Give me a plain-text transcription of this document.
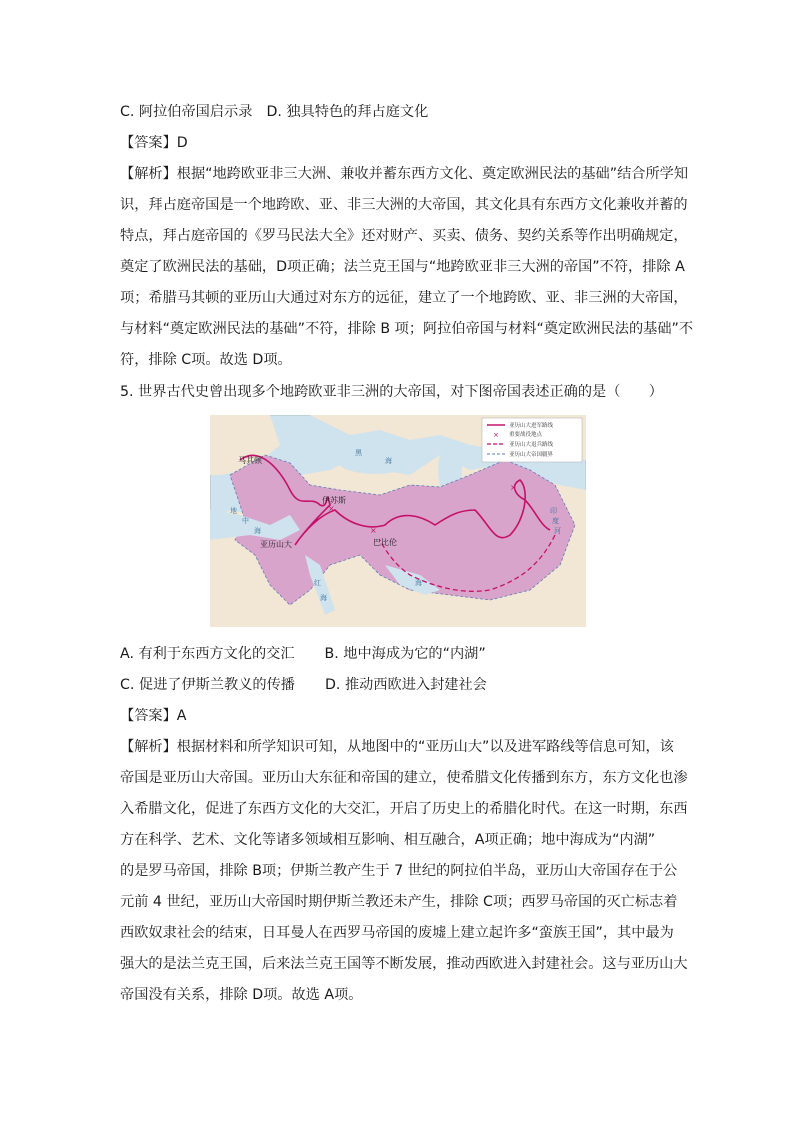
C. 阿拉伯帝国启示录 D. 独具特色的拜占庭文化
【答案】D
【解析】根据“地跨欧亚非三大洲、兼收并蓄东西方文化、奠定欧洲民法的基础”结合所学知
识，拜占庭帝国是一个地跨欧、亚、非三大洲的大帝国，其文化具有东西方文化兼收并蓄的
特点，拜占庭帝国的《罗马民法大全》还对财产、买卖、债务、契约关系等作出明确规定，
奠定了欧洲民法的基础，D项正确；法兰克王国与“地跨欧亚非三大洲的帝国”不符，排除 A
项；希腊马其顿的亚历山大通过对东方的远征，建立了一个地跨欧、亚、非三洲的大帝国，
与材料“奠定欧洲民法的基础”不符，排除 B 项；阿拉伯帝国与材料“奠定欧洲民法的基础”不
符，排除 C项。故选 D项。
5. 世界古代史曾出现多个地跨欧亚非三洲的大帝国，对下图帝国表述正确的是（　　）
×
×
×
马其顿
伊苏斯
亚历山大	巴比伦
地
中
海
黑
海
红
海
海
印
度
河
亚历山大进军路线
× 重要战役地点
亚历山大退兵路线
亚历山大帝国疆界
A. 有利于东西方文化的交汇 B. 地中海成为它的“内湖”
C. 促进了伊斯兰教义的传播 D. 推动西欧进入封建社会
【答案】A
【解析】根据材料和所学知识可知，从地图中的“亚历山大”以及进军路线等信息可知，该
帝国是亚历山大帝国。亚历山大东征和帝国的建立，使希腊文化传播到东方，东方文化也渗
入希腊文化，促进了东西方文化的大交汇，开启了历史上的希腊化时代。在这一时期，东西
方在科学、艺术、文化等诸多领域相互影响、相互融合，A项正确；地中海成为“内湖”
的是罗马帝国，排除 B项；伊斯兰教产生于 7 世纪的阿拉伯半岛，亚历山大帝国存在于公
元前 4 世纪，亚历山大帝国时期伊斯兰教还未产生，排除 C项；西罗马帝国的灭亡标志着
西欧奴隶社会的结束，日耳曼人在西罗马帝国的废墟上建立起许多“蛮族王国”，其中最为
强大的是法兰克王国，后来法兰克王国等不断发展，推动西欧进入封建社会。这与亚历山大
帝国没有关系，排除 D项。故选 A项。
